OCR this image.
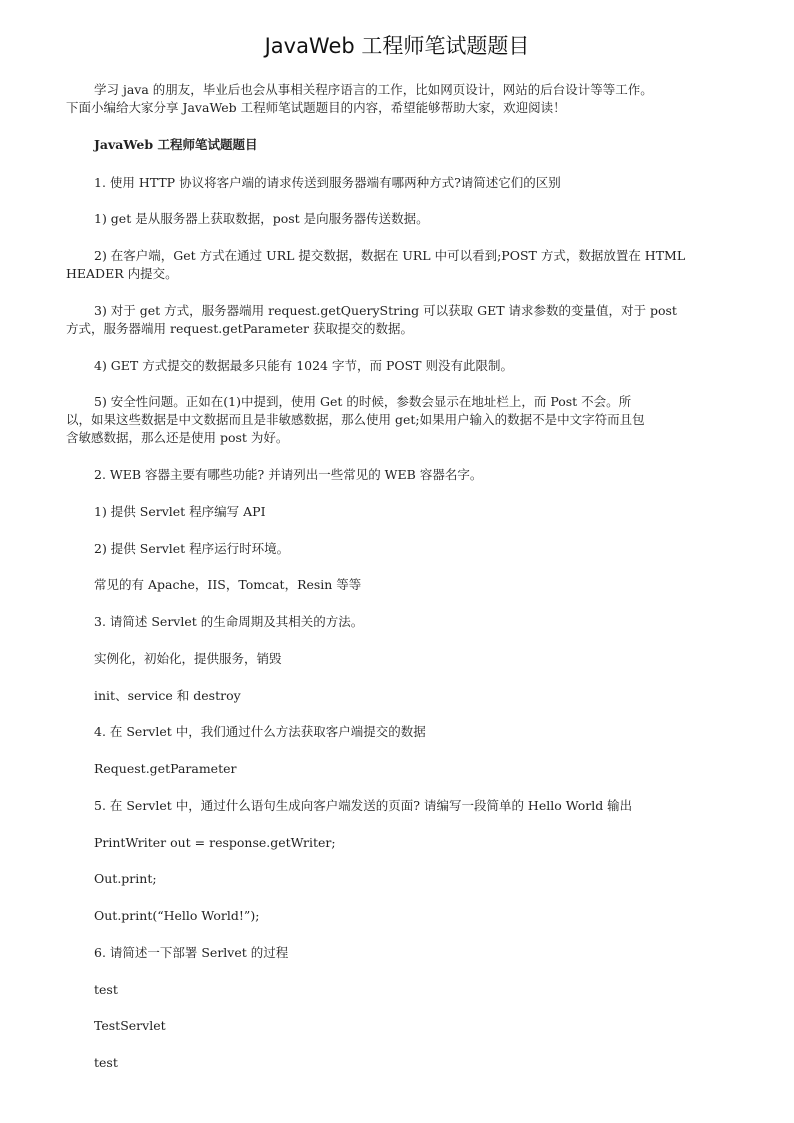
JavaWeb 工程师笔试题题目

学习 java 的朋友，毕业后也会从事相关程序语言的工作，比如网页设计，网站的后台设计等等工作。

下面小编给大家分享 JavaWeb 工程师笔试题题目的内容，希望能够帮助大家，欢迎阅读！

JavaWeb 工程师笔试题题目

1. 使用 HTTP 协议将客户端的请求传送到服务器端有哪两种方式?请简述它们的区别

1) get 是从服务器上获取数据，post 是向服务器传送数据。

2) 在客户端，Get 方式在通过 URL 提交数据，数据在 URL 中可以看到;POST 方式，数据放置在 HTML

HEADER 内提交。

3) 对于 get 方式，服务器端用 request.getQueryString 可以获取 GET 请求参数的变量值，对于 post

方式，服务器端用 request.getParameter 获取提交的数据。

4) GET 方式提交的数据最多只能有 1024 字节，而 POST 则没有此限制。

5) 安全性问题。正如在(1)中提到，使用 Get 的时候，参数会显示在地址栏上，而 Post 不会。所

以，如果这些数据是中文数据而且是非敏感数据，那么使用 get;如果用户输入的数据不是中文字符而且包

含敏感数据，那么还是使用 post 为好。

2. WEB 容器主要有哪些功能? 并请列出一些常见的 WEB 容器名字。

1) 提供 Servlet 程序编写 API

2) 提供 Servlet 程序运行时环境。

常见的有 Apache，IIS，Tomcat，Resin 等等

3. 请简述 Servlet 的生命周期及其相关的方法。

实例化，初始化，提供服务，销毁

init、service 和 destroy

4. 在 Servlet 中，我们通过什么方法获取客户端提交的数据

Request.getParameter

5. 在 Servlet 中，通过什么语句生成向客户端发送的页面? 请编写一段简单的 Hello World 输出

PrintWriter out = response.getWriter;

Out.print;

Out.print(“Hello World!”);

6. 请简述一下部署 Serlvet 的过程

test

TestServlet

test
